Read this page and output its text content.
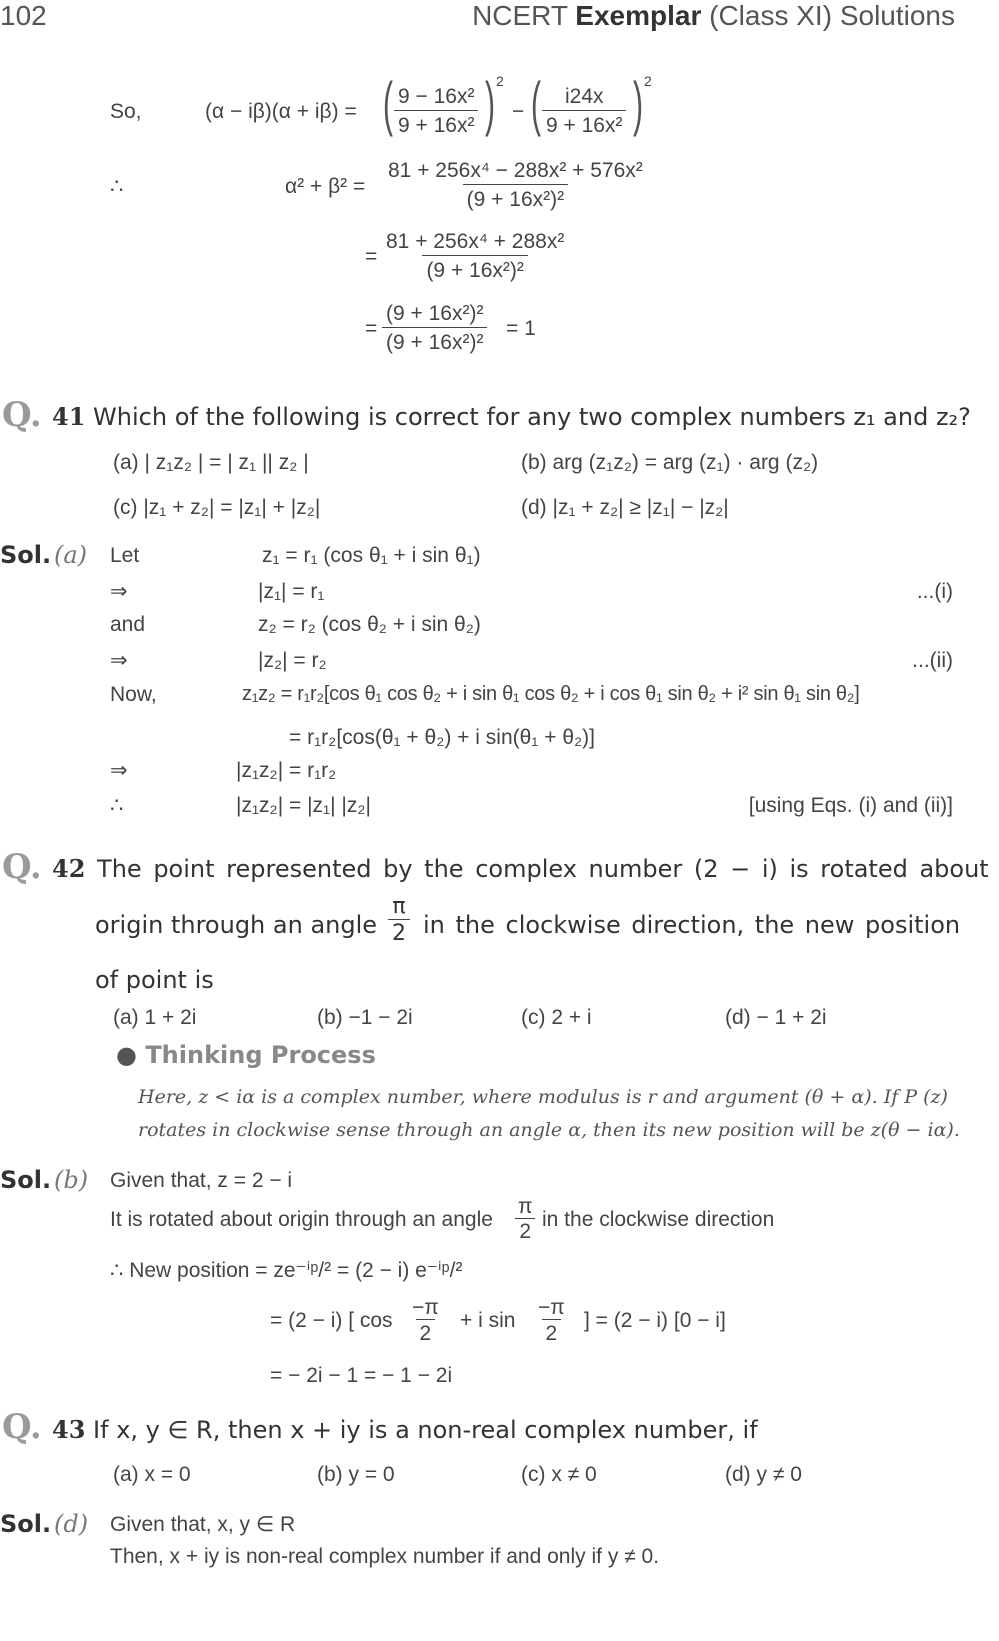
102	NCERT Exemplar (Class XI) Solutions
So,	(α − iβ)(α + iβ) = ( $\frac{\text{9 − 16x²}}{\text{9 + 16x²}}$ ) 2
− ( $\frac{i24x}{\text{9 + 16x²}}$ ) 2
∴	$\alpha^2 + \beta^2 = \frac{\text{81 + 256x⁴ − 288x² + 576x²}}{\text{(9 + 16x²)²}}$
= $\frac{\text{81 + 256x⁴ + 288x²}}{\text{(9 + 16x²)²}}$
= $\frac{\text{(9 + 16x²)²}}{\text{(9 + 16x²)²}} = 1$
Q. 41 Which of the following is correct for any two complex numbers z₁ and z₂?
(a) | z₁z₂ | = | z₁ || z₂ |	(b) arg (z₁z₂) = arg (z₁) · arg (z₂)
(c) |z₁ + z₂| = |z₁| + |z₂|	(d) |z₁ + z₂| ≥ |z₁| − |z₂|
Sol. (a) Let	z₁ = r₁ (cos θ₁ + i sin θ₁)
⇒	|z₁| = r₁	...(i)
and	z₂ = r₂ (cos θ₂ + i sin θ₂)
⇒	|z₂| = r₂	...(ii)
Now,	z₁z₂ = r₁r₂[cos θ₁ cos θ₂ + i sin θ₁ cos θ₂ + i cos θ₁ sin θ₂ + i² sin θ₁ sin θ₂]
= r₁r₂[cos(θ₁ + θ₂) + i sin(θ₁ + θ₂)]
⇒	|z₁z₂| = r₁r₂
∴	|z₁z₂| = |z₁| |z₂|	[using Eqs. (i) and (ii)]
Q. 42 The point represented by the complex number (2 − i) is rotated about
origin through an angle $\frac{\pi}{2}$ in the clockwise direction, the new position
of point is
(a) 1 + 2i	(b) −1 − 2i	(c) 2 + i	(d) − 1 + 2i
● Thinking Process
Here, z < iα is a complex number, where modulus is r and argument (θ + α). If P (z)
rotates in clockwise sense through an angle α, then its new position will be z(θ − iα).
Sol. (b) Given that, z = 2 − i
It is rotated about origin through an angle $\frac{\pi}{2}$ in the clockwise direction
∴ New position = ze⁻ⁱᵖ/² = (2 − i) e⁻ⁱᵖ/²
= (2 − i) [ $\cos \frac{-\pi}{2} + i$ $\sin \frac{-\pi}{2}$ ] = (2 − i) [0 − i]
= − 2i − 1 = − 1 − 2i
Q. 43 If x, y ∈ R, then x + iy is a non-real complex number, if
(a) x = 0	(b) y = 0	(c) x ≠ 0	(d) y ≠ 0
Sol. (d) Given that, x, y ∈ R
Then, x + iy is non-real complex number if and only if y ≠ 0.
